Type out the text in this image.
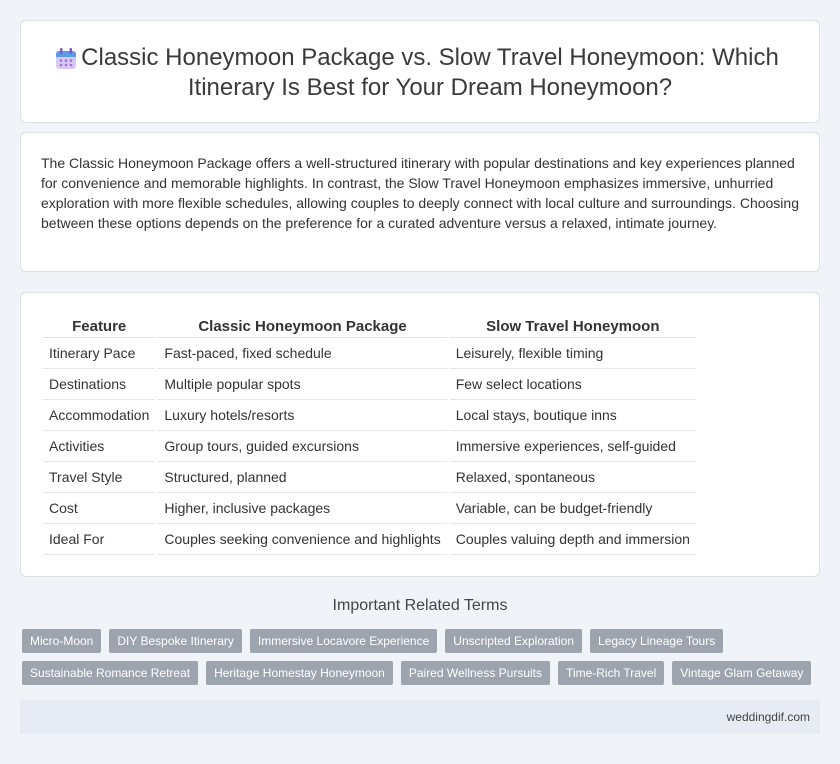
Classic Honeymoon Package vs. Slow Travel Honeymoon: Which Itinerary Is Best for Your Dream Honeymoon?

The Classic Honeymoon Package offers a well-structured itinerary with popular destinations and key experiences planned for convenience and memorable highlights. In contrast, the Slow Travel Honeymoon emphasizes immersive, unhurried exploration with more flexible schedules, allowing couples to deeply connect with local culture and surroundings. Choosing between these options depends on the preference for a curated adventure versus a relaxed, intimate journey.

Feature	Classic Honeymoon Package	Slow Travel Honeymoon
Itinerary Pace	Fast-paced, fixed schedule	Leisurely, flexible timing
Destinations	Multiple popular spots	Few select locations
Accommodation	Luxury hotels/resorts	Local stays, boutique inns
Activities	Group tours, guided excursions	Immersive experiences, self-guided
Travel Style	Structured, planned	Relaxed, spontaneous
Cost	Higher, inclusive packages	Variable, can be budget-friendly
Ideal For	Couples seeking convenience and highlights	Couples valuing depth and immersion
Important Related Terms
Micro-Moon	DIY Bespoke Itinerary	Immersive Locavore Experience	Unscripted Exploration	Legacy Lineage Tours
Sustainable Romance Retreat	Heritage Homestay Honeymoon	Paired Wellness Pursuits	Time-Rich Travel	Vintage Glam Getaway
weddingdif.com
